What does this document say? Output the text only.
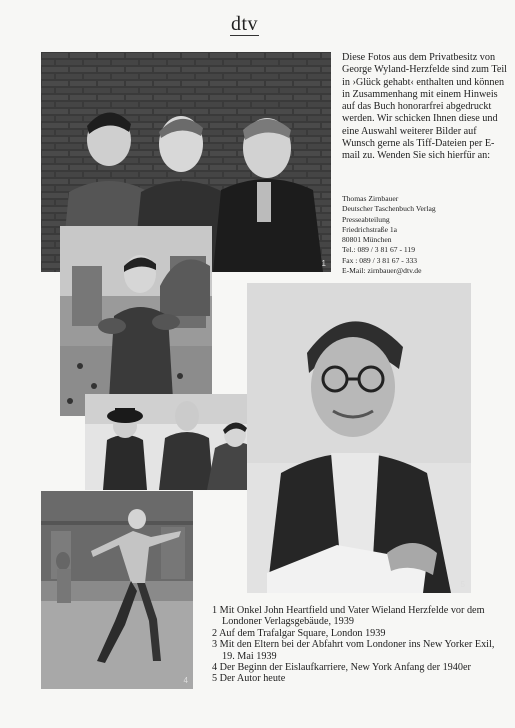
dtv
1
4
5
Diese Fotos aus dem Privatbesitz von George Wyland-Herzfelde sind zum Teil in ›Glück gehabt‹ enthalten und können in Zusammenhang mit einem Hinweis auf das Buch honorarfrei abgedruckt werden. Wir schicken Ihnen diese und eine Auswahl weiterer Bilder auf Wunsch gerne als Tiff-Dateien per E-mail zu. Wenden Sie sich hierfür an:
Thomas Zirnbauer
Deutscher Taschenbuch Verlag
Presseabteilung
Friedrichstraße 1a
80801 München
Tel.: 089 / 3 81 67 - 119
Fax : 089 / 3 81 67 - 333
E-Mail: zirnbauer@dtv.de
1 Mit Onkel John Heartfield und Vater Wieland Herzfelde vor dem Londoner Verlagsgebäude, 1939
2 Auf dem Trafalgar Square, London 1939
3 Mit den Eltern bei der Abfahrt vom Londoner ins New Yorker Exil, 19. Mai 1939
4 Der Beginn der Eislaufkarriere, New York Anfang der 1940er
5 Der Autor heute
